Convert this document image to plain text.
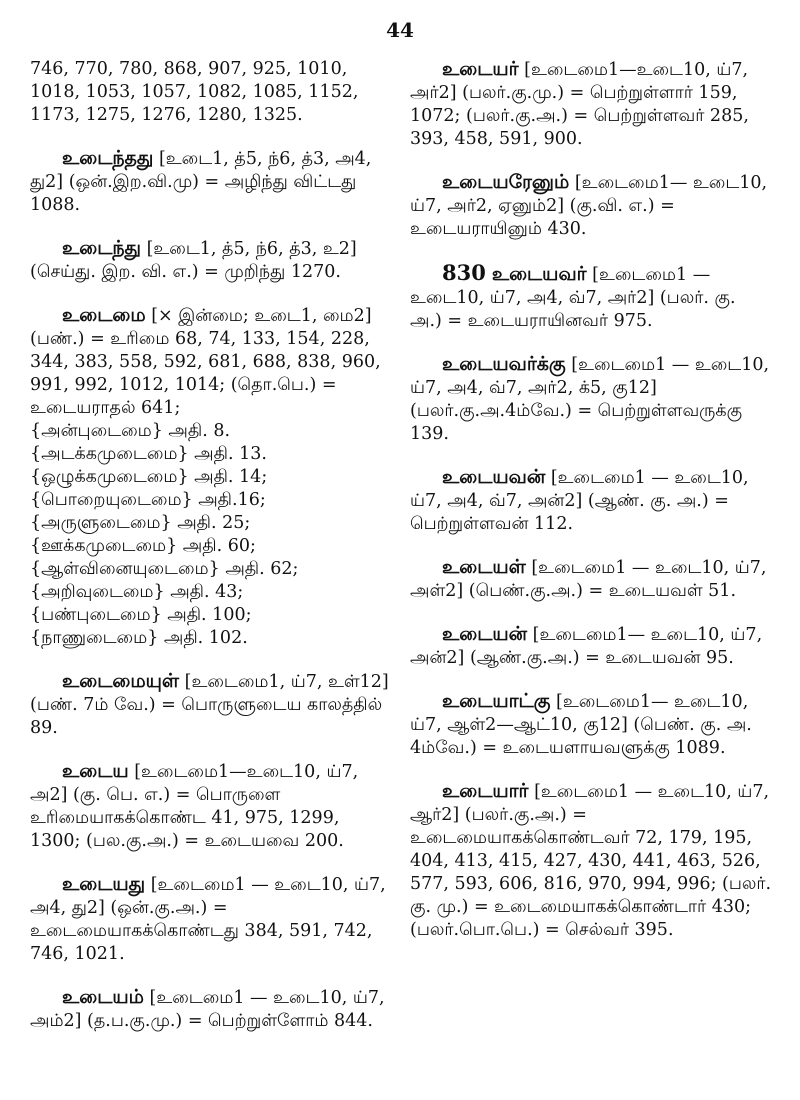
44

746, 770, 780, 868, 907, 925, 1010, 1018, 1053, 1057, 1082, 1085, 1152, 1173, 1275, 1276, 1280, 1325.

உடைந்தது [உடை1, த்5, ந்6, த்3, அ4, து2] (ஒன்.இற.வி.மு) = அழிந்து விட்டது 1088.

உடைந்து [உடை1, த்5, ந்6, த்3, உ2] (செய்து. இற. வி. எ.) = முறிந்து 1270.

உடைமை [× இன்மை; உடை1, மை2] (பண்.) = உரிமை 68, 74, 133, 154, 228, 344, 383, 558, 592, 681, 688, 838, 960, 991, 992, 1012, 1014; (தொ.பெ.) = உடையராதல் 641;

{அன்புடைமை} அதி. 8.
{அடக்கமுடைமை} அதி. 13.
{ஒழுக்கமுடைமை} அதி. 14;
{பொறையுடைமை} அதி.16;
{அருளுடைமை} அதி. 25;
{ஊக்கமுடைமை} அதி. 60;
{ஆள்வினையுடைமை} அதி. 62;
{அறிவுடைமை} அதி. 43;
{பண்புடைமை} அதி. 100;
{நாணுடைமை} அதி. 102.

உடைமையுள் [உடைமை1, ய்7, உள்12] (பண். 7ம் வே.) = பொருளுடைய காலத்தில் 89.

உடைய [உடைமை1—உடை10, ய்7, அ2] (கு. பெ. எ.) = பொருளை உரிமையாகக்கொண்ட 41, 975, 1299, 1300; (பல.கு.அ.) = உடையவை 200.

உடையது [உடைமை1 — உடை10, ய்7, அ4, து2] (ஒன்.கு.அ.) = உடைமையாகக்கொண்டது 384, 591, 742, 746, 1021.

உடையம் [உடைமை1 — உடை10, ய்7, அம்2] (த.ப.கு.மு.) = பெற்றுள்ளோம் 844.

உடையர் [உடைமை1—உடை10, ய்7, அர்2] (பலர்.கு.மு.) = பெற்றுள்ளார் 159, 1072; (பலர்.கு.அ.) = பெற்றுள்ளவர் 285, 393, 458, 591, 900.

உடையரேனும் [உடைமை1— உடை10, ய்7, அர்2, ஏனும்2] (கு.வி. எ.) = உடையராயினும் 430.

830 உடையவர் [உடைமை1 —உடை10, ய்7, அ4, வ்7, அர்2] (பலர். கு. அ.) = உடையராயினவர் 975.

உடையவர்க்கு [உடைமை1 — உடை10, ய்7, அ4, வ்7, அர்2, க்5, கு12] (பலர்.கு.அ.4ம்வே.) = பெற்றுள்ளவருக்கு 139.

உடையவன் [உடைமை1 — உடை10, ய்7, அ4, வ்7, அன்2] (ஆண். கு. அ.) = பெற்றுள்ளவன் 112.

உடையள் [உடைமை1 — உடை10, ய்7, அள்2] (பெண்.கு.அ.) = உடையவள் 51.

உடையன் [உடைமை1— உடை10, ய்7, அன்2] (ஆண்.கு.அ.) = உடையவன் 95.

உடையாட்கு [உடைமை1— உடை10, ய்7, ஆள்2—ஆட்10, கு12] (பெண். கு. அ. 4ம்வே.) = உடையளாயவளுக்கு 1089.

உடையார் [உடைமை1 — உடை10, ய்7, ஆர்2] (பலர்.கு.அ.) = உடைமையாகக்கொண்டவர் 72, 179, 195, 404, 413, 415, 427, 430, 441, 463, 526, 577, 593, 606, 816, 970, 994, 996; (பலர். கு. மு.) = உடைமையாகக்கொண்டார் 430; (பலர்.பொ.பெ.) = செல்வர் 395.
